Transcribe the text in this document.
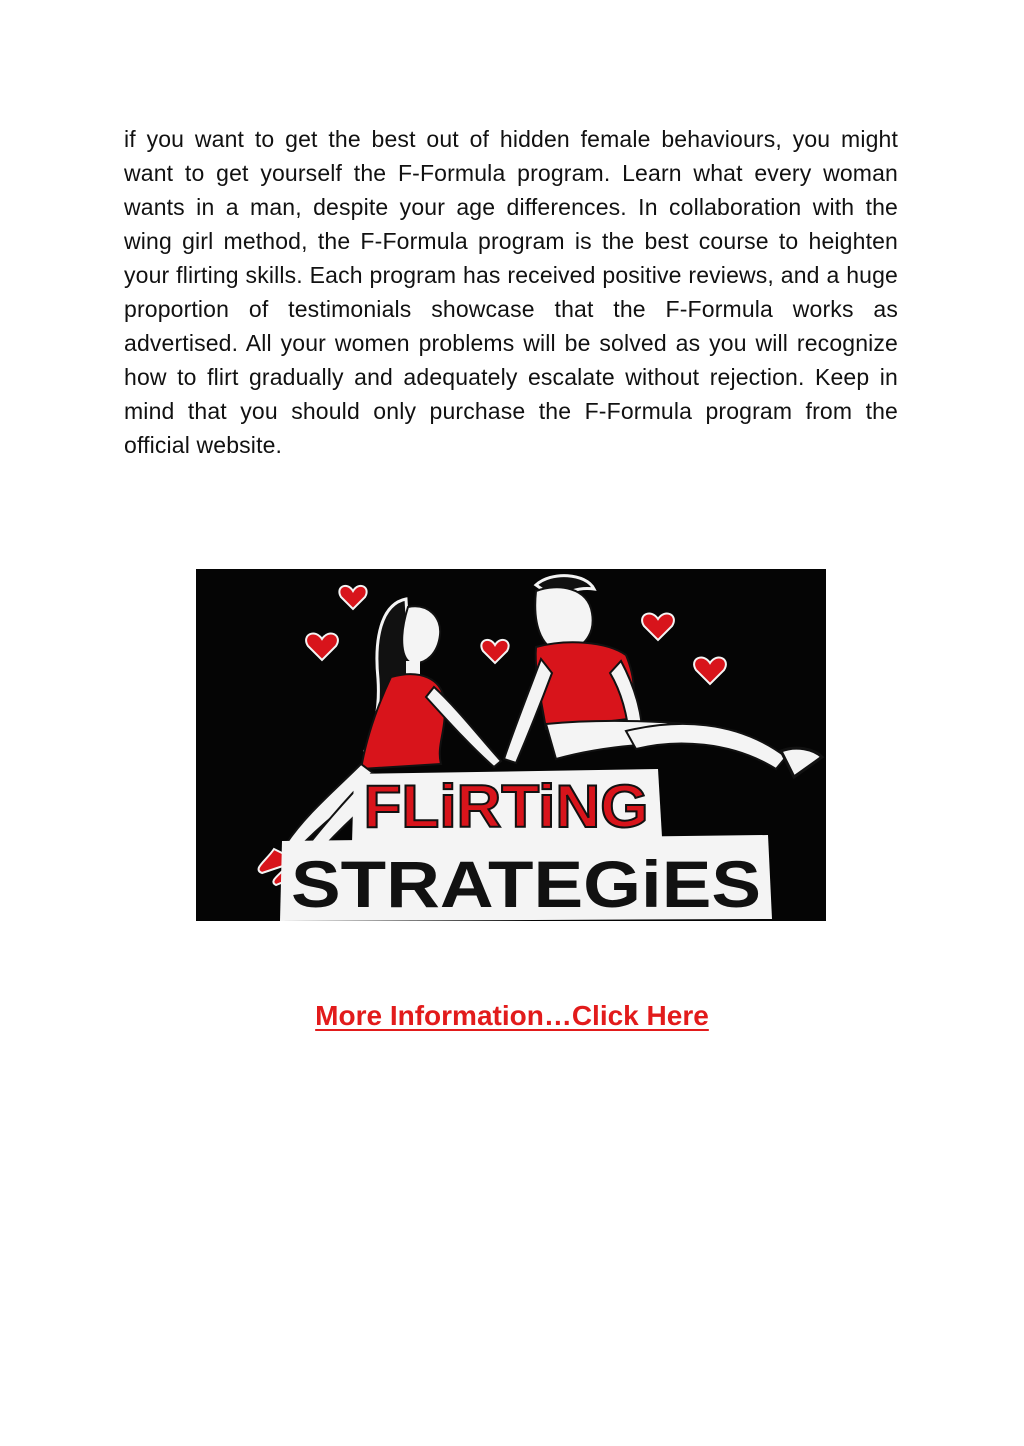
if you want to get the best out of hidden female behaviours, you might want to get yourself the F-Formula program. Learn what every woman wants in a man, despite your age differences. In collaboration with the wing girl method, the F-Formula program is the best course to heighten your flirting skills. Each program has received positive reviews, and a huge proportion of testimonials showcase that the F-Formula works as advertised. All your women problems will be solved as you will recognize how to flirt gradually and adequately escalate without rejection. Keep in mind that you should only purchase the F-Formula program from the official website.

FLiRTiNG
STRATEGiES
More Information…Click Here
